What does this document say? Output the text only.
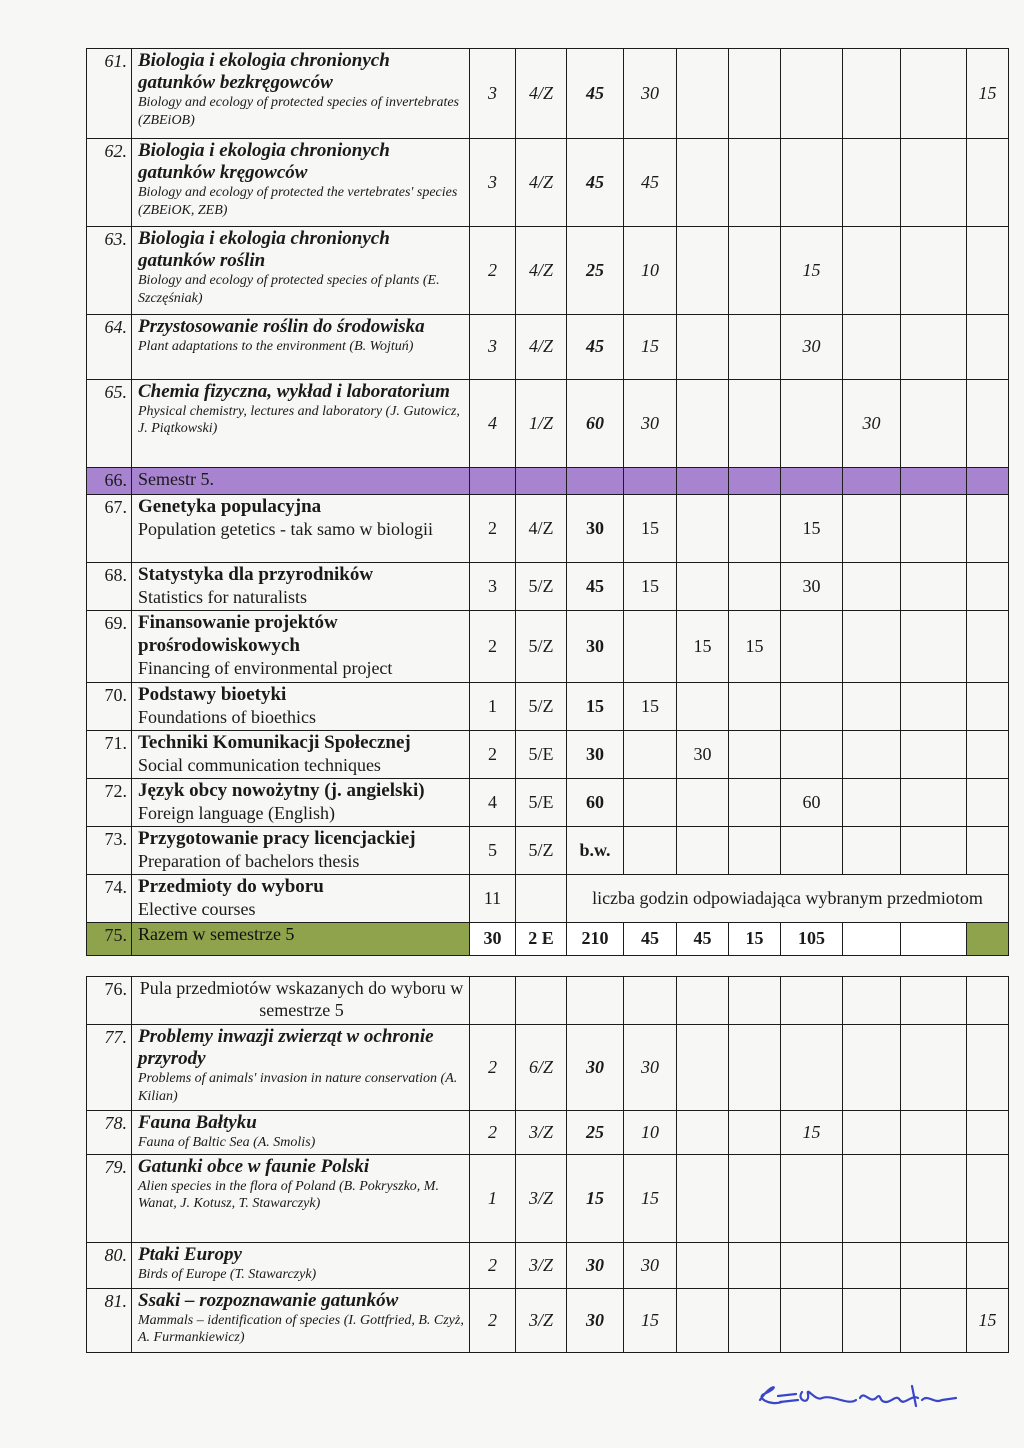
61.	Biologia i ekologia chronionych gatunków bezkręgowców
Biology and ecology of protected species of invertebrates (ZBEiOB)	3	4/Z	45	30						15
62.	Biologia i ekologia chronionych gatunków kręgowców
Biology and ecology of protected the vertebrates' species (ZBEiOK, ZEB)	3	4/Z	45	45						
63.	Biologia i ekologia chronionych gatunków roślin
Biology and ecology of protected species of plants (E. Szczęśniak)	2	4/Z	25	10			15			
64.	Przystosowanie roślin do środowiska
Plant adaptations to the environment (B. Wojtuń)	3	4/Z	45	15			30			
65.	Chemia fizyczna, wykład i laboratorium
Physical chemistry, lectures and laboratory (J. Gutowicz, J. Piątkowski)	4	1/Z	60	30				30		
66.	Semestr 5.										
67.	Genetyka populacyjna
Population getetics - tak samo w biologii	2	4/Z	30	15			15			
68.	Statystyka dla przyrodników
Statistics for naturalists	3	5/Z	45	15			30			
69.	Finansowanie projektów prośrodowiskowych
Financing of environmental project	2	5/Z	30		15	15				
70.	Podstawy bioetyki
Foundations of bioethics	1	5/Z	15	15						
71.	Techniki Komunikacji Społecznej
Social communication techniques	2	5/E	30		30					
72.	Język obcy nowożytny (j. angielski)
Foreign language (English)	4	5/E	60				60			
73.	Przygotowanie pracy licencjackiej
Preparation of bachelors thesis	5	5/Z	b.w.							
74.	Przedmioty do wyboru
Elective courses	11		liczba godzin odpowiadająca wybranym przedmiotom							
75.	Razem w semestrze 5	30	2 E	210	45	45	15	105			

76.	Pula przedmiotów wskazanych do wyboru w semestrze 5										
77.	Problemy inwazji zwierząt w ochronie przyrody
Problems of animals' invasion in nature conservation (A. Kilian)	2	6/Z	30	30						
78.	Fauna Bałtyku
Fauna of Baltic Sea (A. Smolis)	2	3/Z	25	10			15			
79.	Gatunki obce w faunie Polski
Alien species in the flora of Poland (B. Pokryszko, M. Wanat, J. Kotusz, T. Stawarczyk)	1	3/Z	15	15						
80.	Ptaki Europy
Birds of Europe (T. Stawarczyk)	2	3/Z	30	30						
81.	Ssaki – rozpoznawanie gatunków
Mammals – identification of species (I. Gottfried, B. Czyż, A. Furmankiewicz)	2	3/Z	30	15						15
